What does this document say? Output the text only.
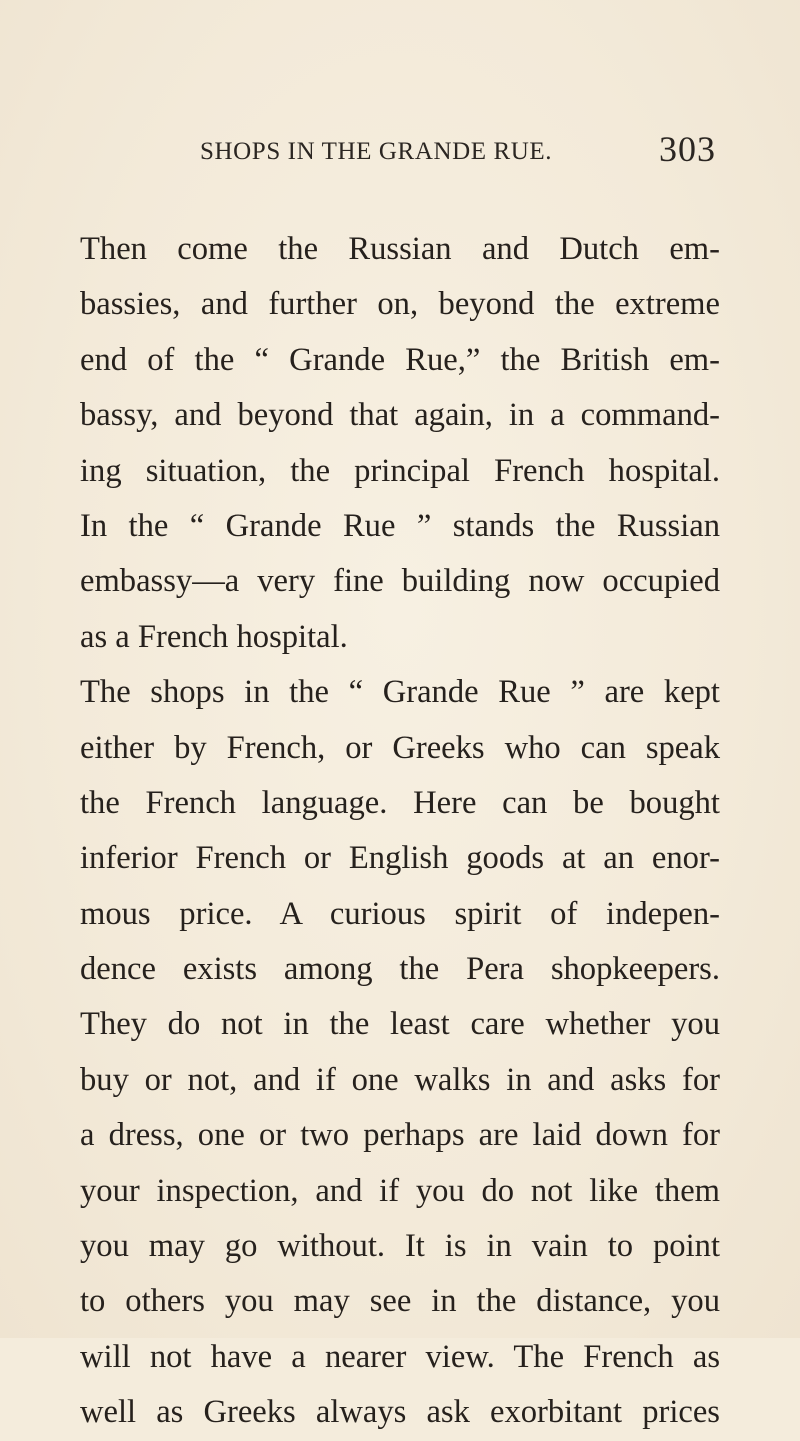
SHOPS IN THE GRANDE RUE.	303
Then come the Russian and Dutch em-
bassies, and further on, beyond the extreme
end of the “ Grande Rue,” the British em-
bassy, and beyond that again, in a command-
ing situation, the principal French hospital.
In the “ Grande Rue ” stands the Russian
embassy—a very fine building now occupied
as a French hospital.
The shops in the “ Grande Rue ” are kept
either by French, or Greeks who can speak
the French language. Here can be bought
inferior French or English goods at an enor-
mous price. A curious spirit of indepen-
dence exists among the Pera shopkeepers.
They do not in the least care whether you
buy or not, and if one walks in and asks for
a dress, one or two perhaps are laid down for
your inspection, and if you do not like them
you may go without. It is in vain to point
to others you may see in the distance, you
will not have a nearer view. The French as
well as Greeks always ask exorbitant prices
